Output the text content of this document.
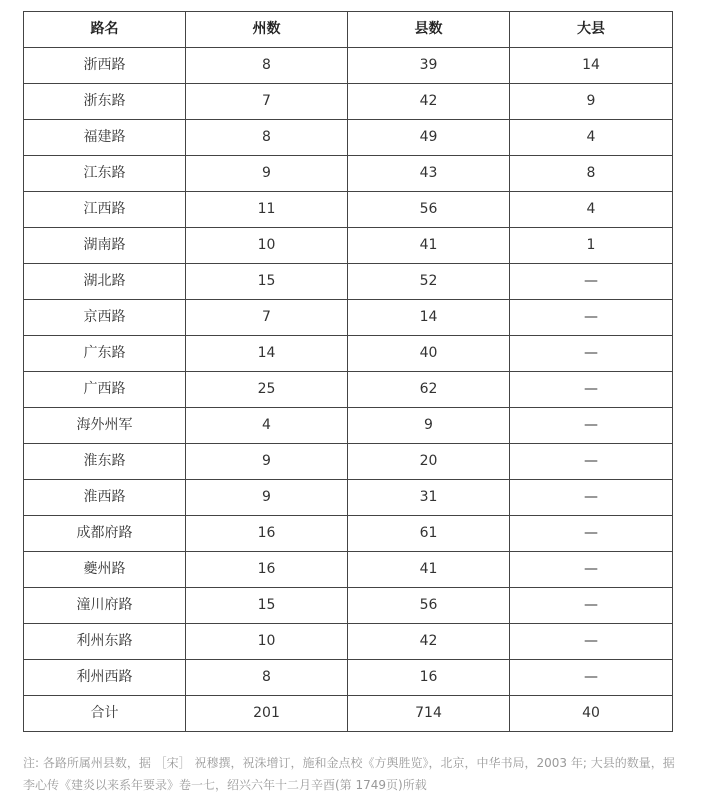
路名	州数	县数	大县
浙西路	8	39	14
浙东路	7	42	9
福建路	8	49	4
江东路	9	43	8
江西路	11	56	4
湖南路	10	41	1
湖北路	15	52	—
京西路	7	14	—
广东路	14	40	—
广西路	25	62	—
海外州军	4	9	—
淮东路	9	20	—
淮西路	9	31	—
成都府路	16	61	—
夔州路	16	41	—
潼川府路	15	56	—
利州东路	10	42	—
利州西路	8	16	—
合计	201	714	40
注: 各路所属州县数，据 ［宋］ 祝穆撰，祝洙增订，施和金点校《方舆胜览》，北京，中华书局，2003 年; 大县的数量，据李心传《建炎以来系年要录》卷一七，绍兴六年十二月辛酉(第 1749页)所载
